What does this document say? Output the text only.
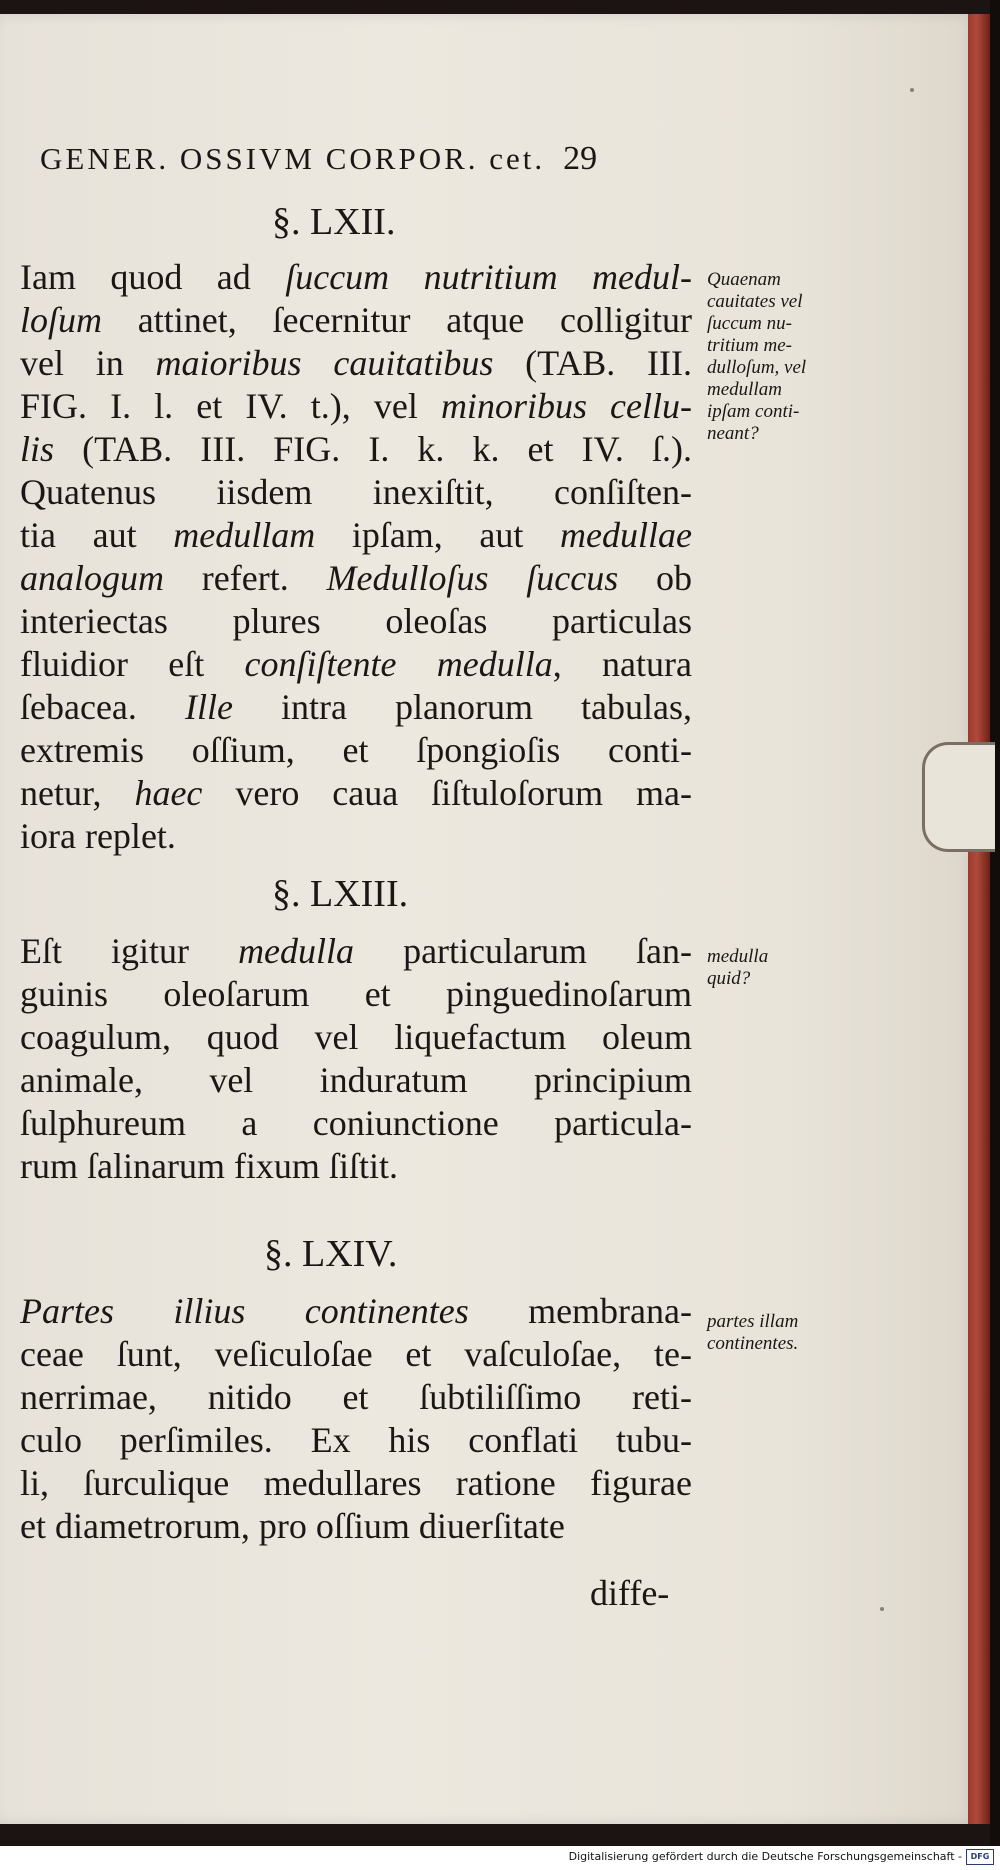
GENER. OSSIVM CORPOR. cet. 29
§. LXII.
Iam quod ad ſuccum nutritium medul-
loſum attinet, ſecernitur atque colligitur
vel in maioribus cauitatibus (TAB. III.
FIG. I. l. et IV. t.), vel minoribus cellu-
lis (TAB. III. FIG. I. k. k. et IV. ſ.).
Quatenus iisdem inexiſtit, conſiſten-
tia aut medullam ipſam, aut medullae
analogum refert. Medulloſus ſuccus ob
interiectas plures oleoſas particulas
fluidior eſt conſiſtente medulla, natura
ſebacea. Ille intra planorum tabulas,
extremis oſſium, et ſpongioſis conti-
netur, haec vero caua ſiſtuloſorum ma-
iora replet.
Quaenam
cauitates vel
ſuccum nu-
tritium me-
dulloſum, vel
medullam
ipſam conti-
neant?
§. LXIII.
Eſt igitur medulla particularum ſan-
guinis oleoſarum et pinguedinoſarum
coagulum, quod vel liquefactum oleum
animale, vel induratum principium
ſulphureum a coniunctione particula-
rum ſalinarum fixum ſiſtit.
medulla
quid?
§. LXIV.
Partes illius continentes membrana-
ceae ſunt, veſiculoſae et vaſculoſae, te-
nerrimae, nitido et ſubtiliſſimo reti-
culo perſimiles. Ex his conflati tubu-
li, ſurculique medullares ratione figurae
et diametrorum, pro oſſium diuerſitate
partes illam
continentes.
diffe-
Digitalisierung gefördert durch die Deutsche Forschungsgemeinschaft -	DFG
